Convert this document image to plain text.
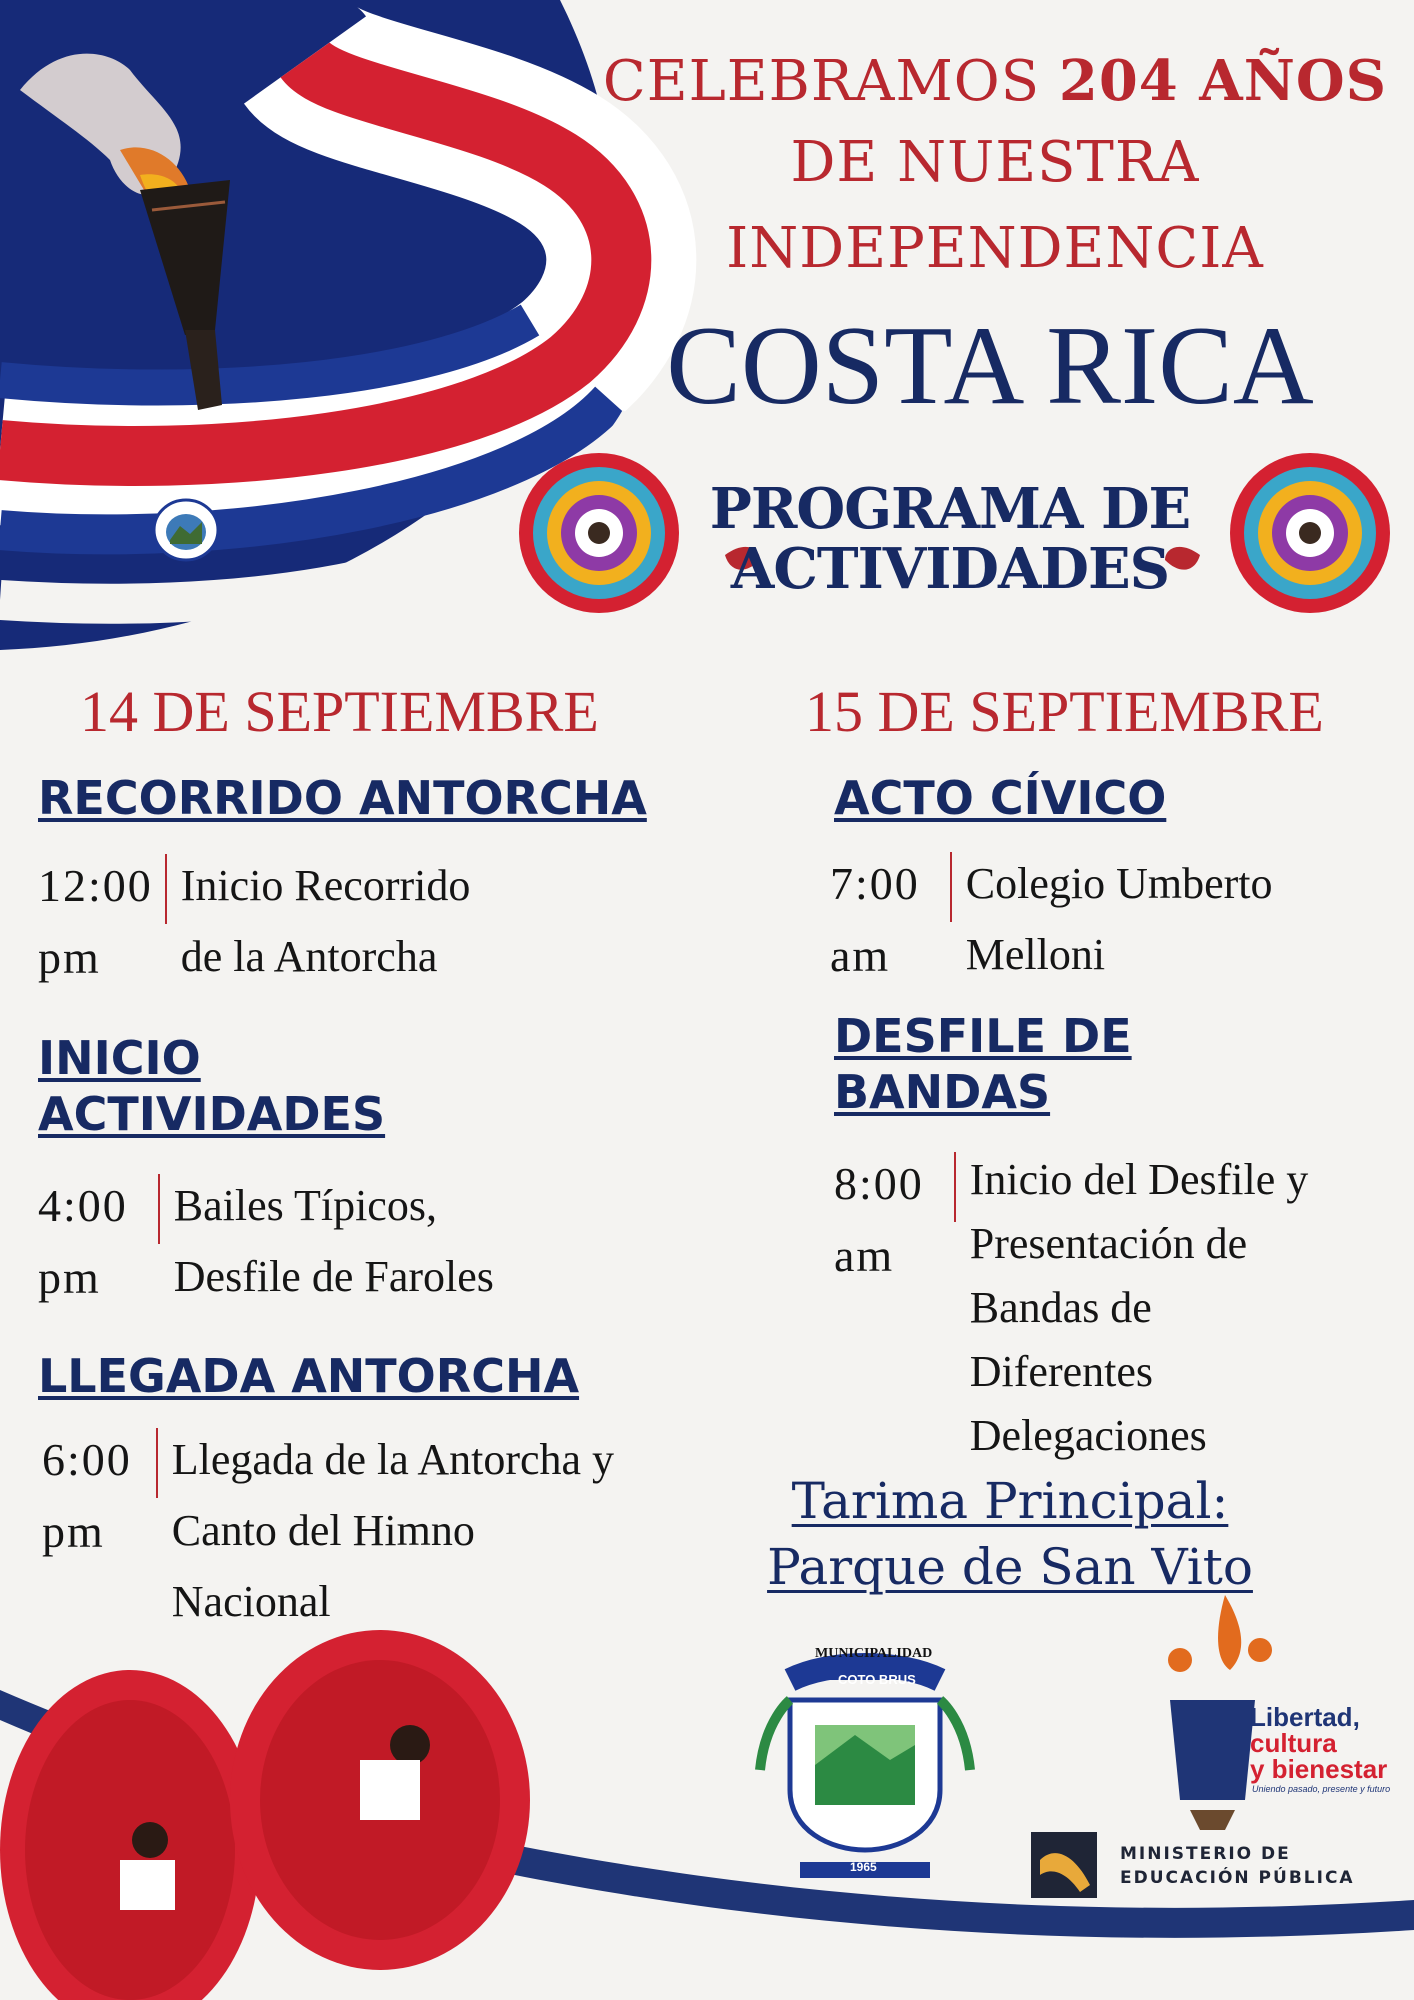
CELEBRAMOS 204 AÑOS
DE NUESTRA
INDEPENDENCIA
COSTA RICA
PROGRAMA DE
ACTIVIDADES
14 DE SEPTIEMBRE
RECORRIDO ANTORCHA
12:00
pm
Inicio Recorrido
de la Antorcha
INICIO
ACTIVIDADES
4:00
pm
Bailes Típicos,
Desfile de Faroles
LLEGADA ANTORCHA
6:00
pm
Llegada de la Antorcha y
Canto del Himno
Nacional
15 DE SEPTIEMBRE
ACTO CÍVICO
7:00
am
Colegio Umberto
Melloni
DESFILE DE
BANDAS
8:00
am
Inicio del Desfile y
Presentación de
Bandas de
Diferentes
Delegaciones
Tarima Principal:
Parque de San Vito
MUNICIPALIDAD
COTO BRUS
1965
Libertad,
cultura
y bienestar
Uniendo pasado, presente y futuro
MINISTERIO DE
EDUCACIÓN PÚBLICA
